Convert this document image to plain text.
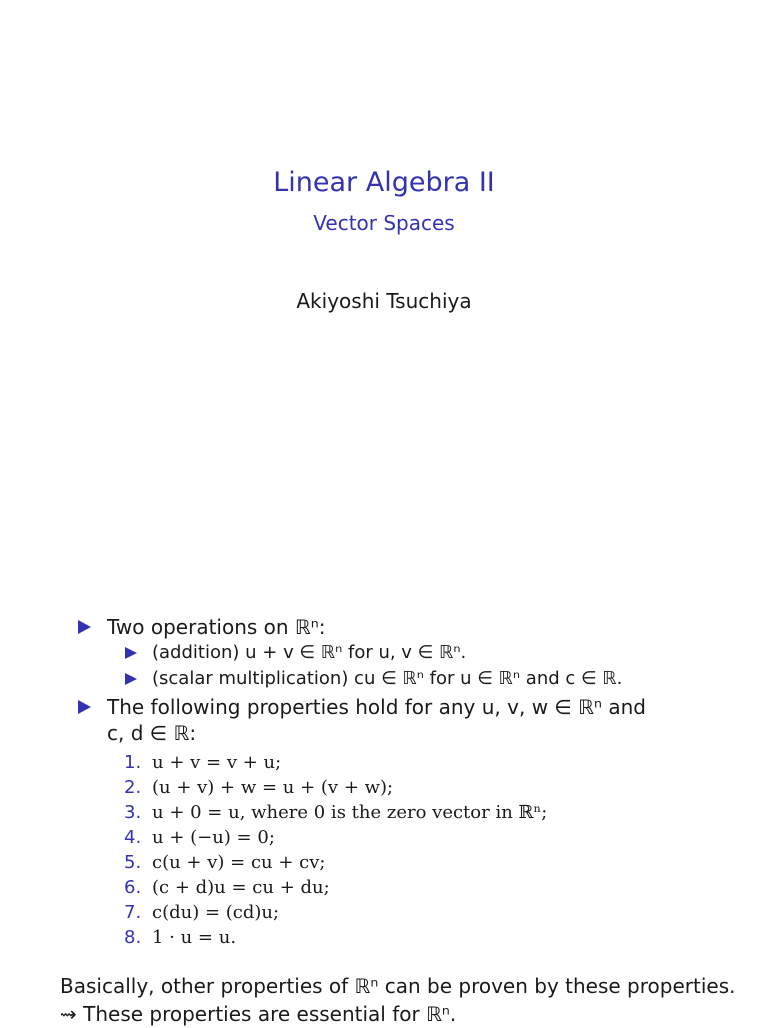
Linear Algebra II
Vector Spaces
Akiyoshi Tsuchiya
Two operations on ℝⁿ:
(addition) u + v ∈ ℝⁿ for u, v ∈ ℝⁿ.
(scalar multiplication) cu ∈ ℝⁿ for u ∈ ℝⁿ and c ∈ ℝ.
The following properties hold for any u, v, w ∈ ℝⁿ and
c, d ∈ ℝ:
1. u + v = v + u;
2. (u + v) + w = u + (v + w);
3. u + 0 = u, where 0 is the zero vector in ℝⁿ;
4. u + (−u) = 0;
5. c(u + v) = cu + cv;
6. (c + d)u = cu + du;
7. c(du) = (cd)u;
8. 1 · u = u.
Basically, other properties of ℝⁿ can be proven by these properties.
⇝ These properties are essential for ℝⁿ.
